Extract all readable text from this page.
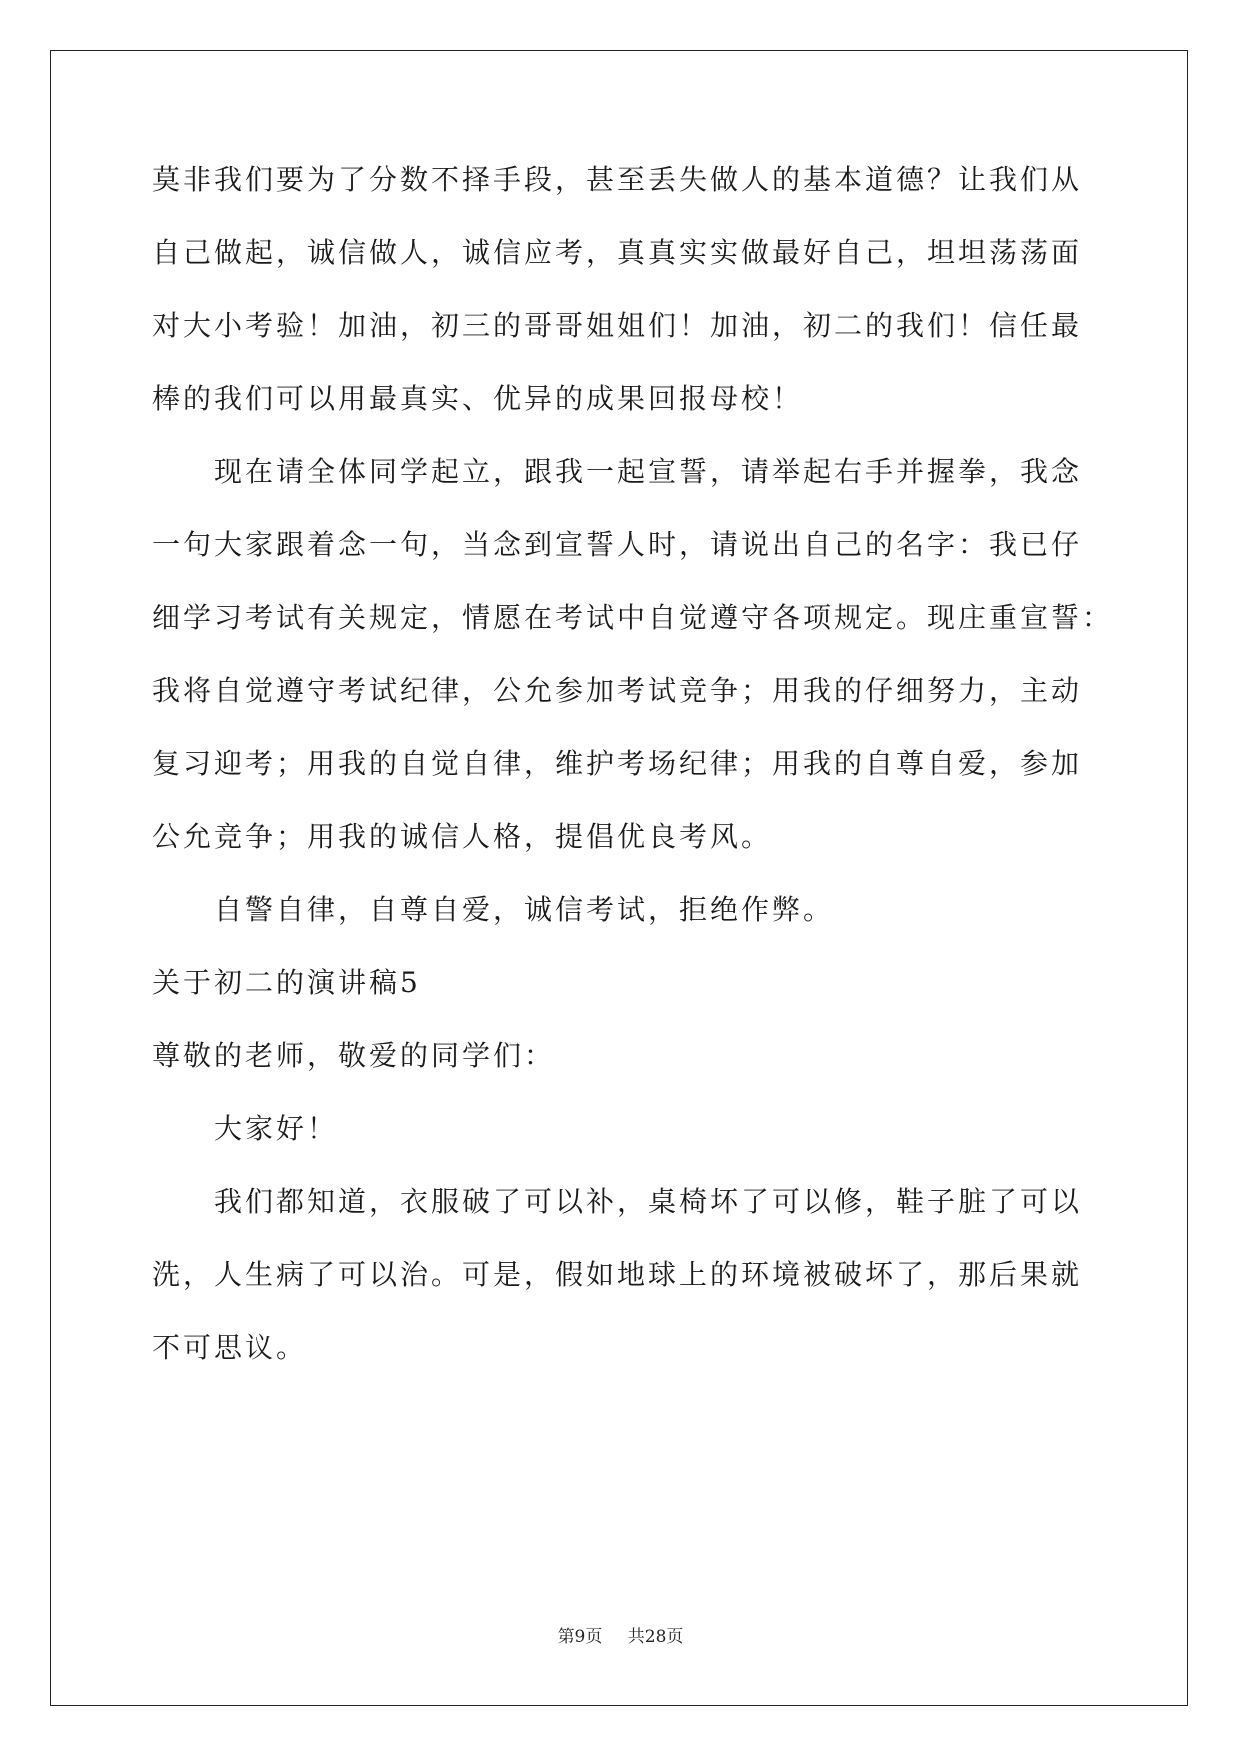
莫非我们要为了分数不择手段，甚至丢失做人的基本道德？让我们从
自己做起，诚信做人，诚信应考，真真实实做最好自己，坦坦荡荡面
对大小考验！加油，初三的哥哥姐姐们！加油，初二的我们！信任最
棒的我们可以用最真实、优异的成果回报母校！
现在请全体同学起立，跟我一起宣誓，请举起右手并握拳，我念
一句大家跟着念一句，当念到宣誓人时，请说出自己的名字：我已仔
细学习考试有关规定，情愿在考试中自觉遵守各项规定。现庄重宣誓：
我将自觉遵守考试纪律，公允参加考试竞争；用我的仔细努力，主动
复习迎考；用我的自觉自律，维护考场纪律；用我的自尊自爱，参加
公允竞争；用我的诚信人格，提倡优良考风。
自警自律，自尊自爱，诚信考试，拒绝作弊。
关于初二的演讲稿5
尊敬的老师，敬爱的同学们：
大家好！
我们都知道，衣服破了可以补，桌椅坏了可以修，鞋子脏了可以
洗，人生病了可以治。可是，假如地球上的环境被破坏了，那后果就
不可思议。
第9页 共28页
